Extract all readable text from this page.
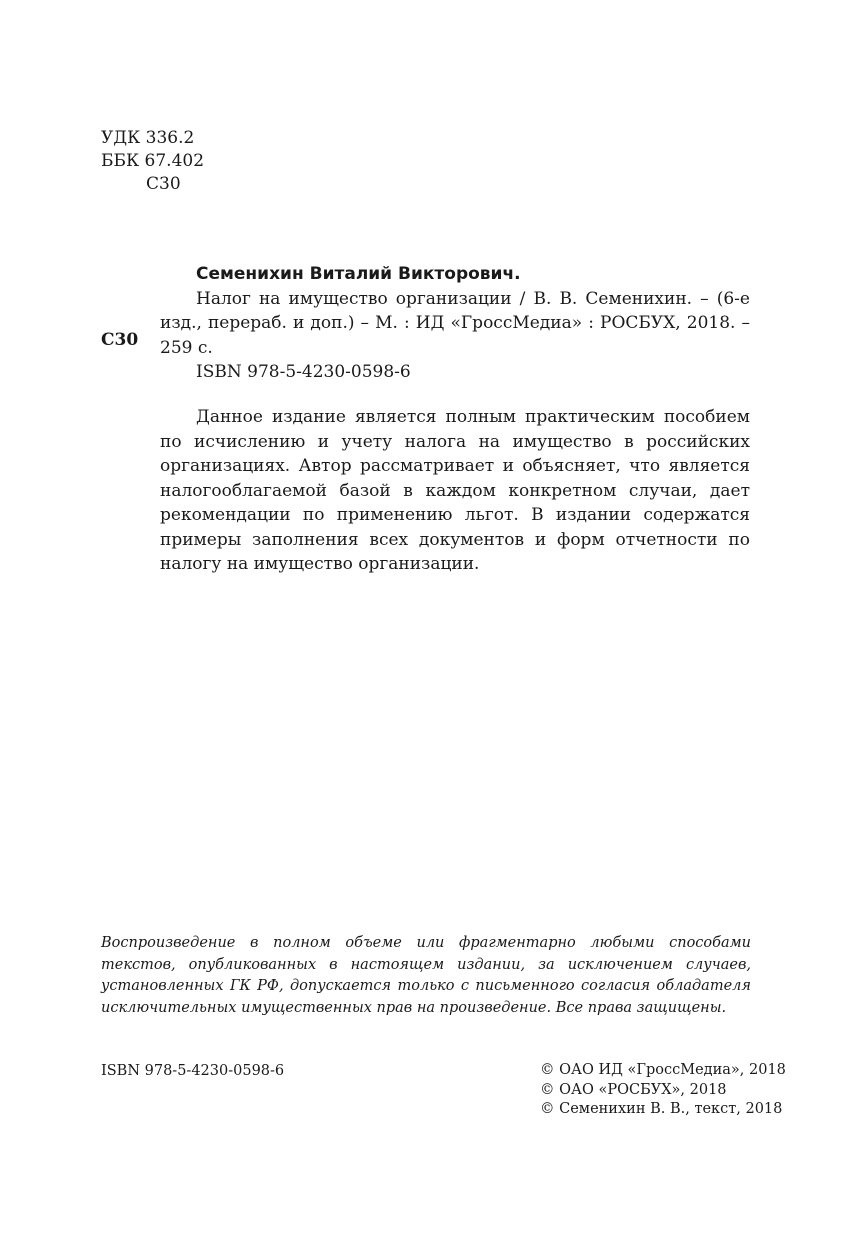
УДК 336.2
ББК 67.402
С30
С30
Семенихин Виталий Викторович.
Налог на имущество организации / В. В. Семенихин. – (6-е изд., перераб. и доп.) – М. : ИД «ГроссМедиа» : РОСБУХ, 2018. – 259 с.
ISBN 978-5-4230-0598-6
Данное издание является полным практическим пособием по исчислению и учету налога на имущество в российских организациях. Автор рассматривает и объясняет, что является налогооблагаемой базой в каждом конкретном случаи, дает рекомендации по применению льгот. В издании содержатся примеры заполнения всех документов и форм отчетности по налогу на имущество организации.
Воспроизведение в полном объеме или фрагментарно любыми способами текстов, опубликованных в настоящем издании, за исключением случаев, установленных ГК РФ, допускается только с письменного согласия обладателя исключительных имущественных прав на произведение. Все права защищены.
ISBN 978-5-4230-0598-6	© ОАО ИД «ГроссМедиа», 2018
© ОАО «РОСБУХ», 2018
© Семенихин В. В., текст, 2018
